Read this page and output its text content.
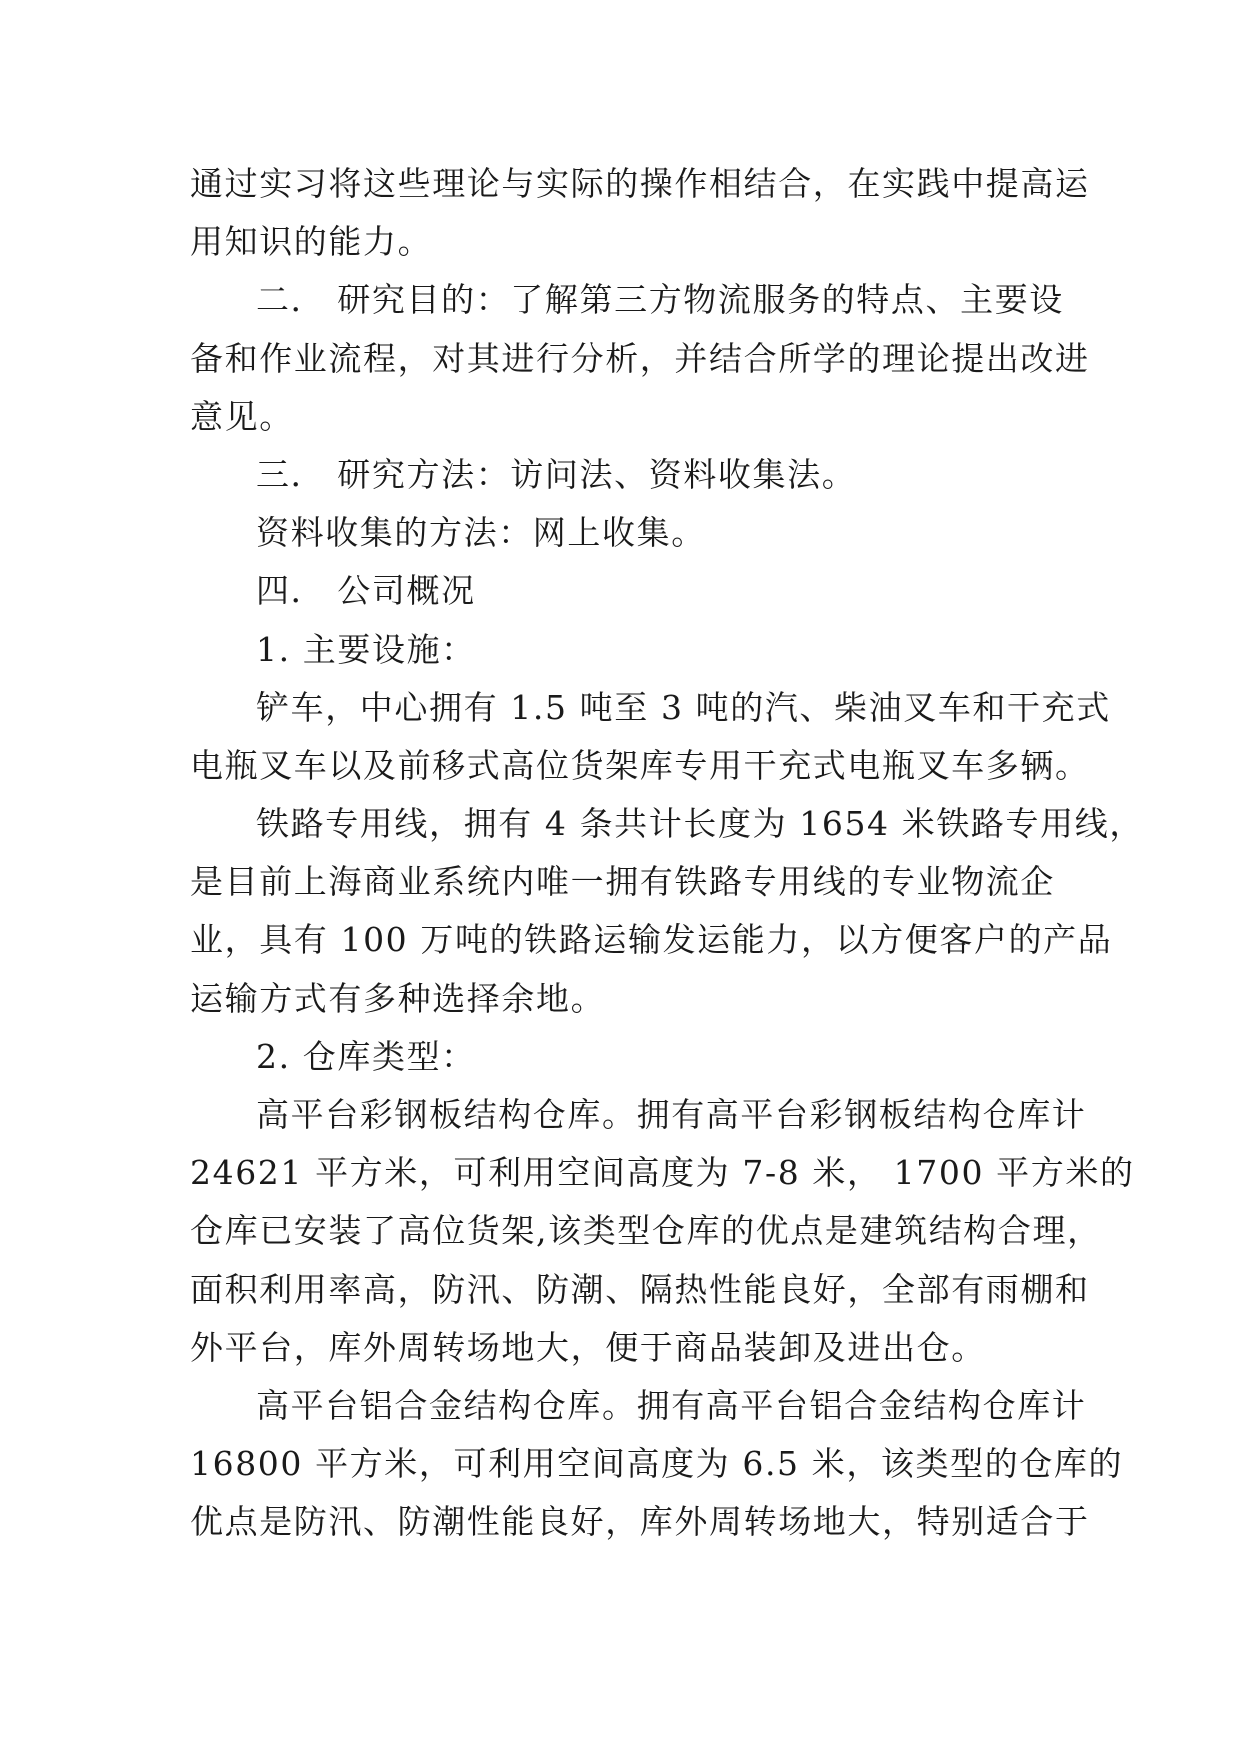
通过实习将这些理论与实际的操作相结合，在实践中提高运
用知识的能力。
二． 研究目的：了解第三方物流服务的特点、主要设
备和作业流程，对其进行分析，并结合所学的理论提出改进
意见。
三． 研究方法：访问法、资料收集法。
资料收集的方法：网上收集。
四． 公司概况
1. 主要设施：
铲车，中心拥有 1.5 吨至 3 吨的汽、柴油叉车和干充式
电瓶叉车以及前移式高位货架库专用干充式电瓶叉车多辆。
铁路专用线，拥有 4 条共计长度为 1654 米铁路专用线，
是目前上海商业系统内唯一拥有铁路专用线的专业物流企
业，具有 100 万吨的铁路运输发运能力，以方便客户的产品
运输方式有多种选择余地。
2. 仓库类型：
高平台彩钢板结构仓库。拥有高平台彩钢板结构仓库计
24621 平方米，可利用空间高度为 7-8 米， 1700 平方米的
仓库已安装了高位货架,该类型仓库的优点是建筑结构合理，
面积利用率高，防汛、防潮、隔热性能良好，全部有雨棚和
外平台，库外周转场地大，便于商品装卸及进出仓。
高平台铝合金结构仓库。拥有高平台铝合金结构仓库计
16800 平方米，可利用空间高度为 6.5 米，该类型的仓库的
优点是防汛、防潮性能良好，库外周转场地大，特别适合于
